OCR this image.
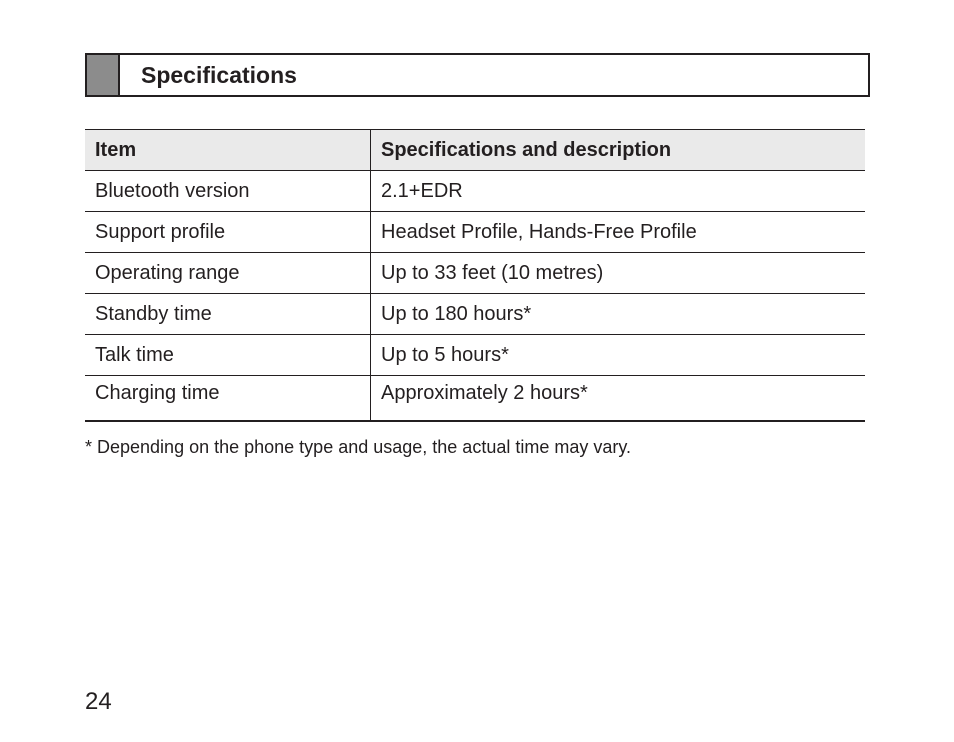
Specifications
Item	Specifications and description
Bluetooth version	2.1+EDR
Support profile	Headset Profile, Hands-Free Profile
Operating range	Up to 33 feet (10 metres)
Standby time	Up to 180 hours*
Talk time	Up to 5 hours*
Charging time	Approximately 2 hours*
* Depending on the phone type and usage, the actual time may vary.
24
